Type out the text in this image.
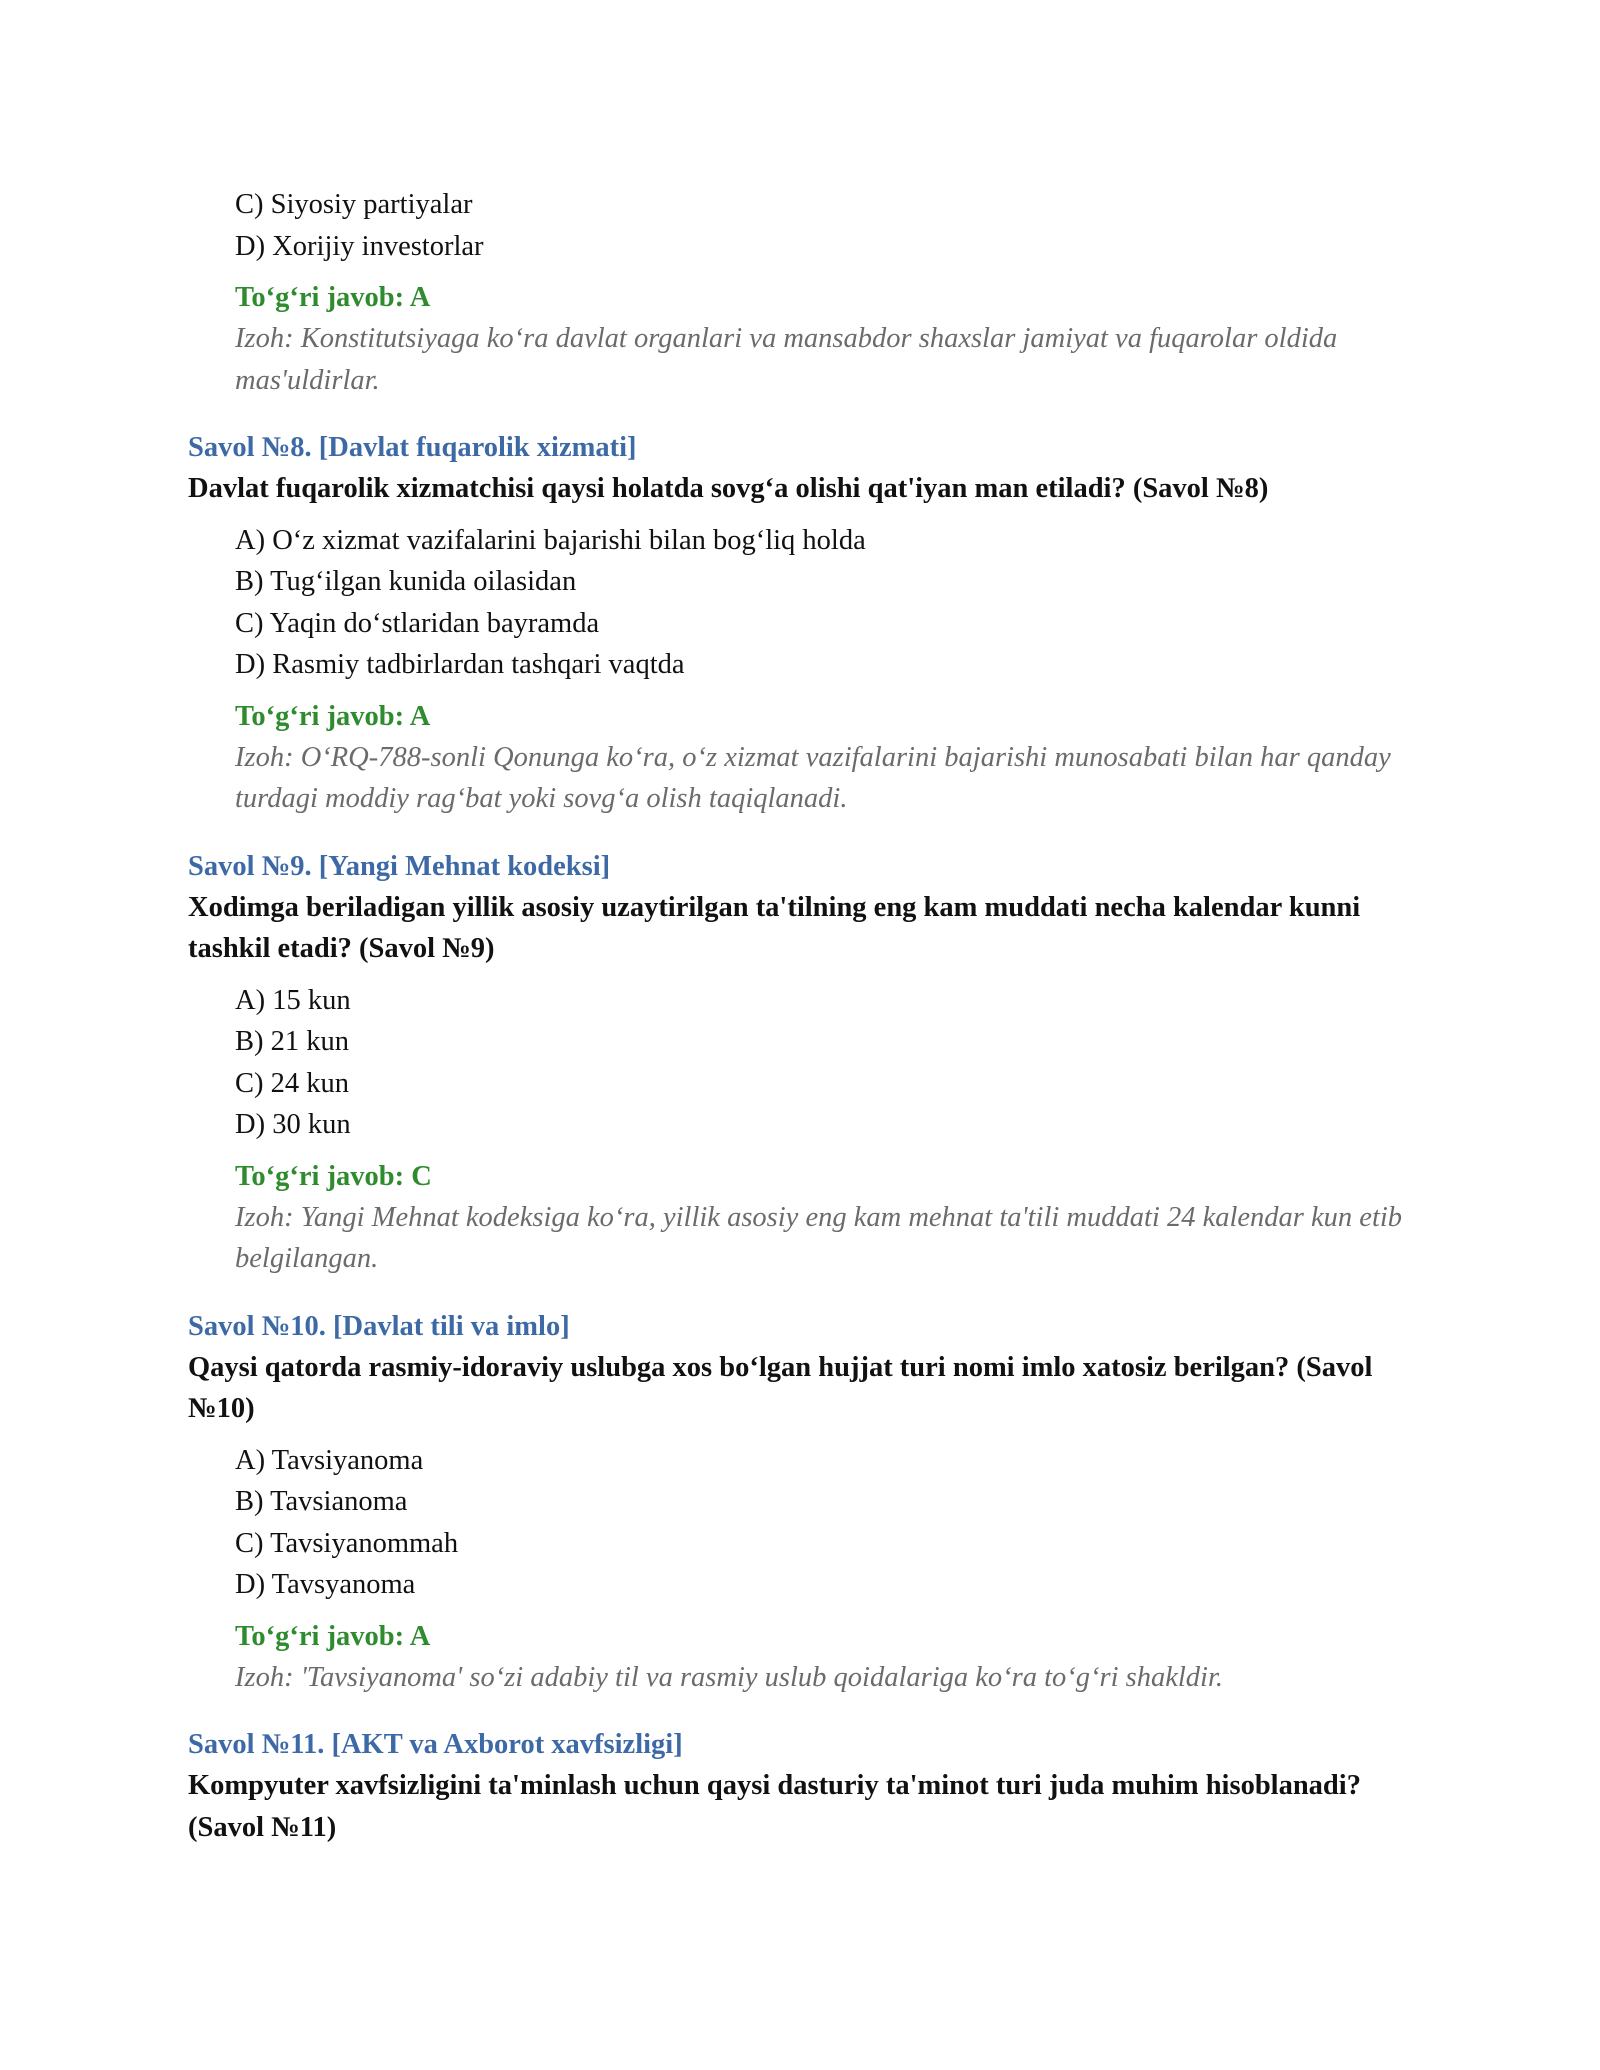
C) Siyosiy partiyalar
D) Xorijiy investorlar
To‘g‘ri javob: A
Izoh: Konstitutsiyaga ko‘ra davlat organlari va mansabdor shaxslar jamiyat va fuqarolar oldida mas'uldirlar.
Savol №8. [Davlat fuqarolik xizmati]
Davlat fuqarolik xizmatchisi qaysi holatda sovg‘a olishi qat'iyan man etiladi? (Savol №8)
A) O‘z xizmat vazifalarini bajarishi bilan bog‘liq holda
B) Tug‘ilgan kunida oilasidan
C) Yaqin do‘stlaridan bayramda
D) Rasmiy tadbirlardan tashqari vaqtda
To‘g‘ri javob: A
Izoh: O‘RQ-788-sonli Qonunga ko‘ra, o‘z xizmat vazifalarini bajarishi munosabati bilan har qanday turdagi moddiy rag‘bat yoki sovg‘a olish taqiqlanadi.
Savol №9. [Yangi Mehnat kodeksi]
Xodimga beriladigan yillik asosiy uzaytirilgan ta'tilning eng kam muddati necha kalendar kunni tashkil etadi? (Savol №9)
A) 15 kun
B) 21 kun
C) 24 kun
D) 30 kun
To‘g‘ri javob: C
Izoh: Yangi Mehnat kodeksiga ko‘ra, yillik asosiy eng kam mehnat ta'tili muddati 24 kalendar kun etib belgilangan.
Savol №10. [Davlat tili va imlo]
Qaysi qatorda rasmiy-idoraviy uslubga xos bo‘lgan hujjat turi nomi imlo xatosiz berilgan? (Savol №10)
A) Tavsiyanoma
B) Tavsianoma
C) Tavsiyanommah
D) Tavsyanoma
To‘g‘ri javob: A
Izoh: 'Tavsiyanoma' so‘zi adabiy til va rasmiy uslub qoidalariga ko‘ra to‘g‘ri shakldir.
Savol №11. [AKT va Axborot xavfsizligi]
Kompyuter xavfsizligini ta'minlash uchun qaysi dasturiy ta'minot turi juda muhim hisoblanadi? (Savol №11)
